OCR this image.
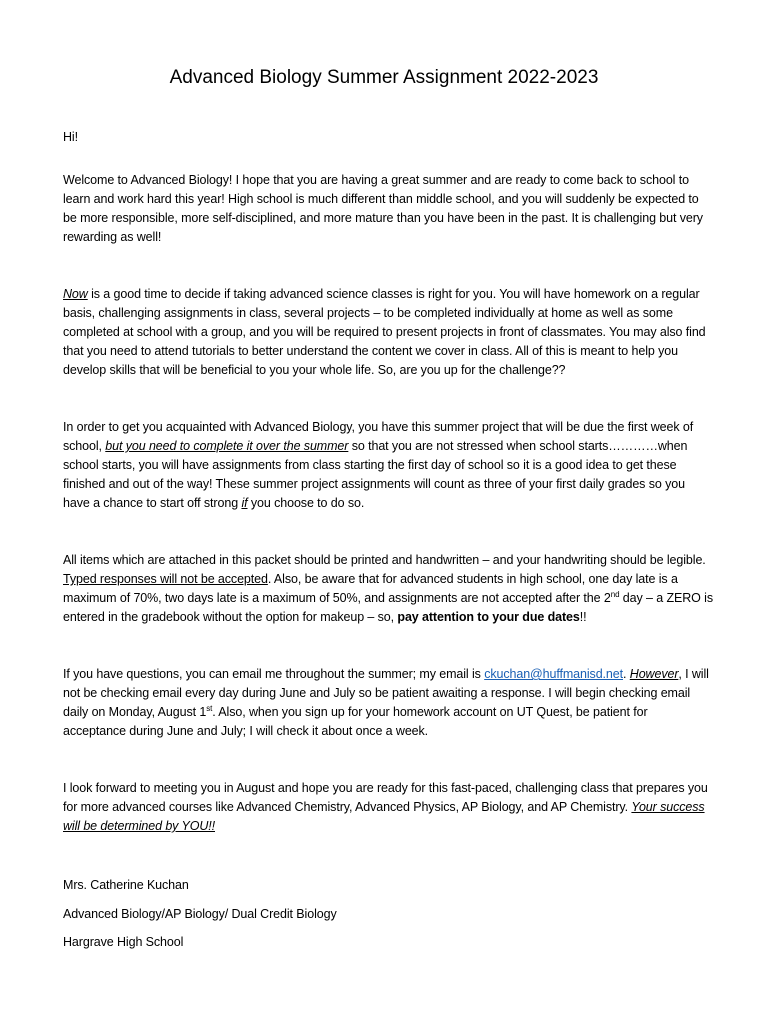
Advanced Biology Summer Assignment 2022-2023
Hi!
Welcome to Advanced Biology! I hope that you are having a great summer and are ready to come back to school to learn and work hard this year! High school is much different than middle school, and you will suddenly be expected to be more responsible, more self-disciplined, and more mature than you have been in the past. It is challenging but very rewarding as well!
Now is a good time to decide if taking advanced science classes is right for you. You will have homework on a regular basis, challenging assignments in class, several projects – to be completed individually at home as well as some completed at school with a group, and you will be required to present projects in front of classmates. You may also find that you need to attend tutorials to better understand the content we cover in class. All of this is meant to help you develop skills that will be beneficial to you your whole life. So, are you up for the challenge??
In order to get you acquainted with Advanced Biology, you have this summer project that will be due the first week of school, but you need to complete it over the summer so that you are not stressed when school starts…………when school starts, you will have assignments from class starting the first day of school so it is a good idea to get these finished and out of the way! These summer project assignments will count as three of your first daily grades so you have a chance to start off strong if you choose to do so.
All items which are attached in this packet should be printed and handwritten – and your handwriting should be legible. Typed responses will not be accepted. Also, be aware that for advanced students in high school, one day late is a maximum of 70%, two days late is a maximum of 50%, and assignments are not accepted after the 2nd day – a ZERO is entered in the gradebook without the option for makeup – so, pay attention to your due dates!!
If you have questions, you can email me throughout the summer; my email is ckuchan@huffmanisd.net. However, I will not be checking email every day during June and July so be patient awaiting a response. I will begin checking email daily on Monday, August 1st. Also, when you sign up for your homework account on UT Quest, be patient for acceptance during June and July; I will check it about once a week.
I look forward to meeting you in August and hope you are ready for this fast-paced, challenging class that prepares you for more advanced courses like Advanced Chemistry, Advanced Physics, AP Biology, and AP Chemistry. Your success will be determined by YOU!!
Mrs. Catherine Kuchan
Advanced Biology/AP Biology/ Dual Credit Biology
Hargrave High School
